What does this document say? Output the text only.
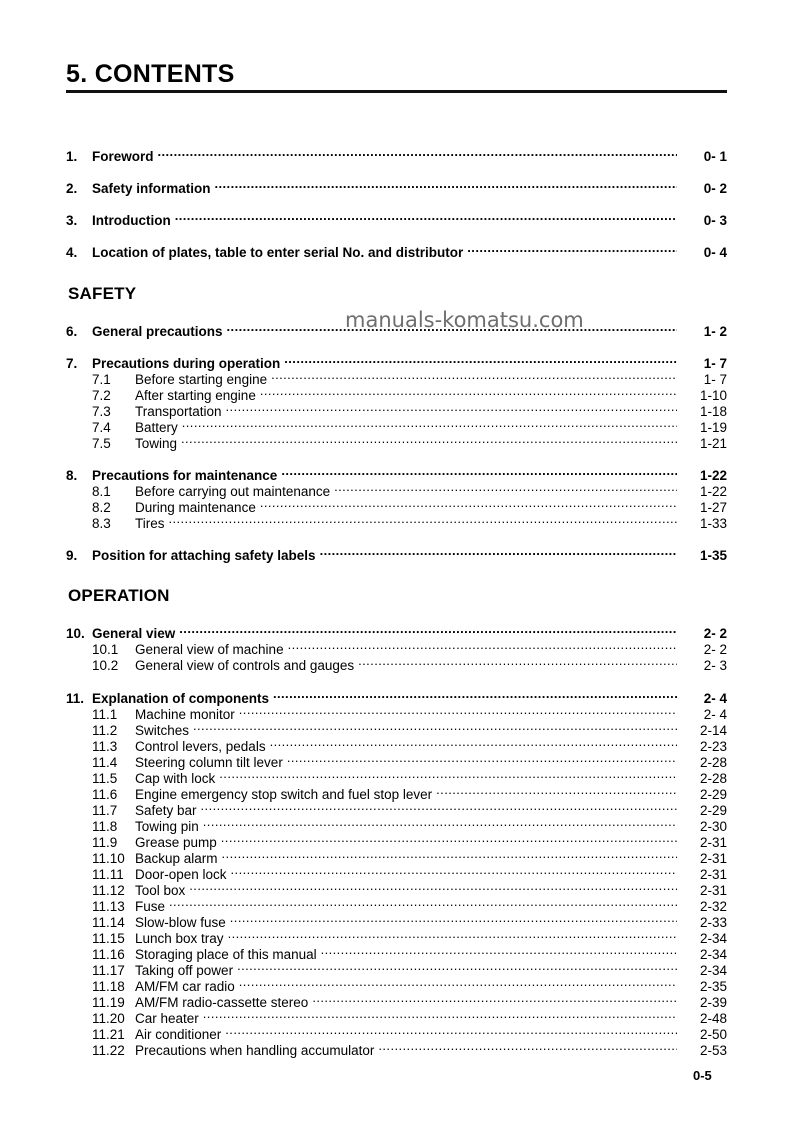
5. CONTENTS
1.	Foreword .....	0- 1
2.	Safety information .....	0- 2
3.	Introduction .....	0- 3
4.	Location of plates, table to enter serial No. and distributor .....	0- 4
SAFETY
6.	General precautions .....	1- 2
7.	Precautions during operation .....	1- 7
7.1	Before starting engine .....	1- 7
7.2	After starting engine .....	1-10
7.3	Transportation .....	1-18
7.4	Battery .....	1-19
7.5	Towing .....	1-21
8.	Precautions for maintenance .....	1-22
8.1	Before carrying out maintenance .....	1-22
8.2	During maintenance .....	1-27
8.3	Tires .....	1-33
9.	Position for attaching safety labels .....	1-35
OPERATION
10. General view .....	2- 2
10.1	General view of machine .....	2- 2
10.2	General view of controls and gauges .....	2- 3
11. Explanation of components .....	2- 4
11.1	Machine monitor .....	2- 4
11.2	Switches .....	2-14
11.3	Control levers, pedals .....	2-23
11.4	Steering column tilt lever .....	2-28
11.5	Cap with lock .....	2-28
11.6	Engine emergency stop switch and fuel stop lever .....	2-29
11.7	Safety bar .....	2-29
11.8	Towing pin .....	2-30
11.9	Grease pump .....	2-31
11.10 Backup alarm .....	2-31
11.11 Door-open lock .....	2-31
11.12 Tool box .....	2-31
11.13 Fuse .....	2-32
11.14 Slow-blow fuse .....	2-33
11.15 Lunch box tray .....	2-34
11.16 Storaging place of this manual .....	2-34
11.17 Taking off power .....	2-34
11.18 AM/FM car radio .....	2-35
11.19 AM/FM radio-cassette stereo .....	2-39
11.20 Car heater .....	2-48
11.21 Air conditioner .....	2-50
11.22 Precautions when handling accumulator .....	2-53
manuals-komatsu.com
0-5
